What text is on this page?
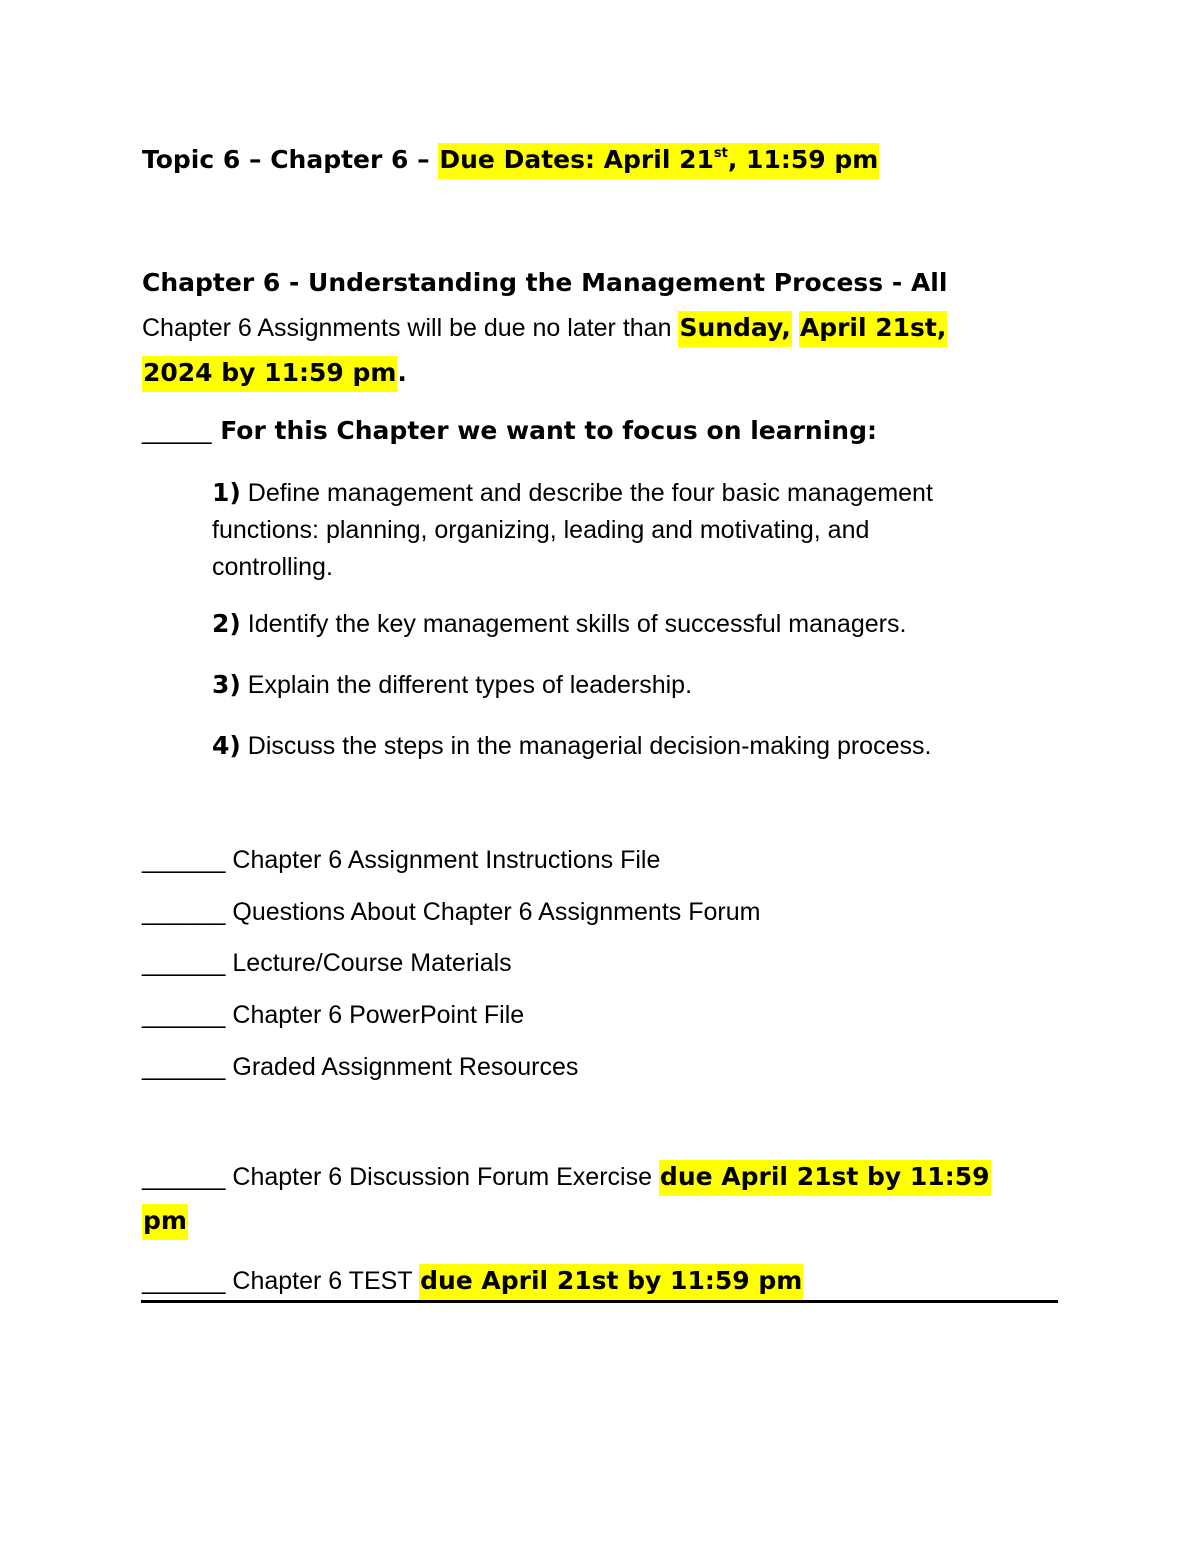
Topic 6 – Chapter 6 – Due Dates: April 21st, 11:59 pm
Chapter 6 - Understanding the Management Process - All
Chapter 6 Assignments will be due no later than Sunday, April 21st,
2024 by 11:59 pm.
_____ For this Chapter we want to focus on learning:
1) Define management and describe the four basic management
functions: planning, organizing, leading and motivating, and
controlling.
2) Identify the key management skills of successful managers.
3) Explain the different types of leadership.
4) Discuss the steps in the managerial decision-making process.
______ Chapter 6 Assignment Instructions File
______ Questions About Chapter 6 Assignments Forum
______ Lecture/Course Materials
______ Chapter 6 PowerPoint File
______ Graded Assignment Resources
______ Chapter 6 Discussion Forum Exercise due April 21st by 11:59
pm
______ Chapter 6 TEST due April 21st by 11:59 pm
